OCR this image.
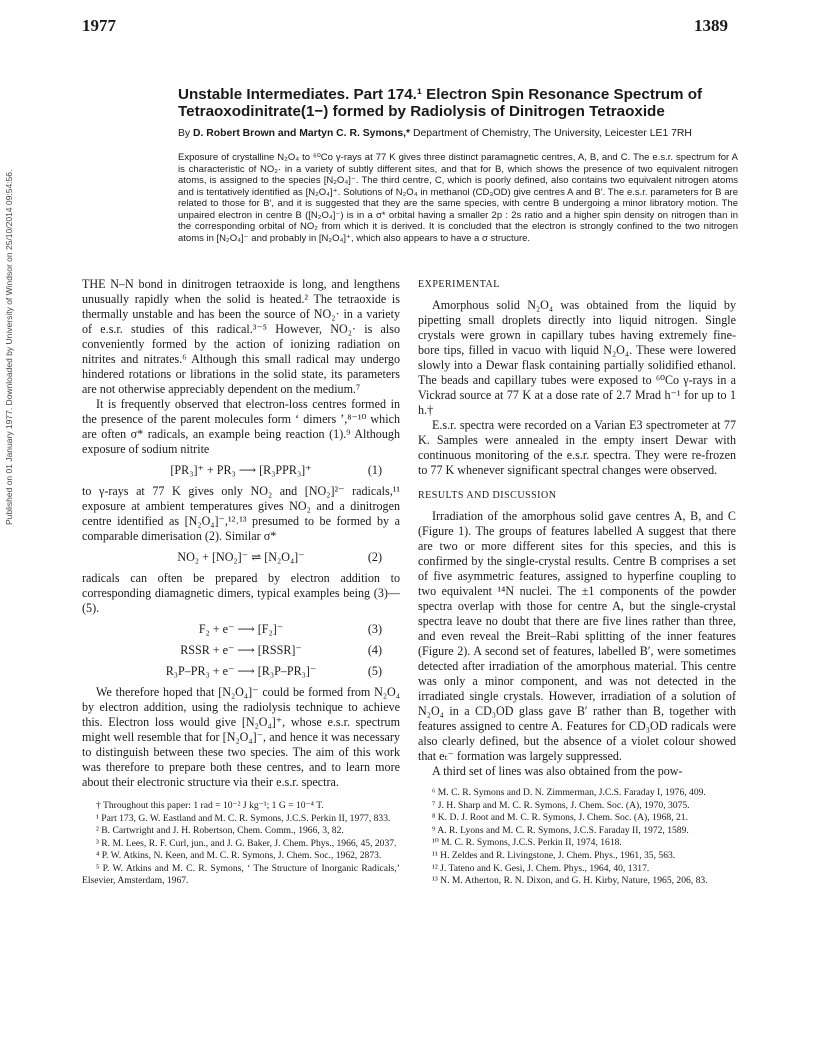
1977	1389
Published on 01 January 1977. Downloaded by University of Windsor on 25/10/2014 09:54:56.
Unstable Intermediates. Part 174.¹ Electron Spin Resonance Spectrum of Tetraoxodinitrate(1−) formed by Radiolysis of Dinitrogen Tetraoxide
By D. Robert Brown and Martyn C. R. Symons,* Department of Chemistry, The University, Leicester LE1 7RH

Exposure of crystalline N₂O₄ to ⁶⁰Co γ-rays at 77 K gives three distinct paramagnetic centres, A, B, and C. The e.s.r. spectrum for A is characteristic of NO₂· in a variety of subtly different sites, and that for B, which shows the presence of two equivalent nitrogen atoms, is assigned to the species [N₂O₄]⁻. The third centre, C, which is poorly defined, also contains two equivalent nitrogen atoms and is tentatively identified as [N₂O₄]⁺. Solutions of N₂O₄ in methanol (CD₃OD) give centres A and B′. The e.s.r. parameters for B are related to those for B′, and it is suggested that they are the same species, with centre B undergoing a minor libratory motion. The unpaired electron in centre B ([N₂O₄]⁻) is in a σ* orbital having a smaller 2p : 2s ratio and a higher spin density on nitrogen than in the corresponding orbital of NO₂ from which it is derived. It is concluded that the electron is strongly confined to the two nitrogen atoms in [N₂O₄]⁻ and probably in [N₂O₄]⁺, which also appears to have a σ structure.

THE N–N bond in dinitrogen tetraoxide is long, and lengthens unusually rapidly when the solid is heated.² The tetraoxide is thermally unstable and has been the source of NO₂· in a variety of e.s.r. studies of this radical.³⁻⁵ However, NO₂· is also conveniently formed by the action of ionizing radiation on nitrites and nitrates.⁶ Although this small radical may undergo hindered rotations or librations in the solid state, its parameters are not otherwise appreciably dependent on the medium.⁷

It is frequently observed that electron-loss centres formed in the presence of the parent molecules form ‘ dimers ’,⁸⁻¹⁰ which are often σ* radicals, an example being reaction (1).⁹ Although exposure of sodium nitrite

[PR₃]⁺ + PR₃ ⟶ [R₃PPR₃]⁺	(1)

to γ-rays at 77 K gives only NO₂ and [NO₂]²⁻ radicals,¹¹ exposure at ambient temperatures gives NO₂ and a dinitrogen centre identified as [N₂O₄]⁻,¹²˒¹³ presumed to be formed by a comparable dimerisation (2). Similar σ*

NO₂ + [NO₂]⁻ ⇌ [N₂O₄]⁻	(2)

radicals can often be prepared by electron addition to corresponding diamagnetic dimers, typical examples being (3)—(5).

F₂ + e⁻ ⟶ [F₂]⁻	(3)
RSSR + e⁻ ⟶ [RSSR]⁻	(4)
R₃P–PR₃ + e⁻ ⟶ [R₃P–PR₃]⁻	(5)

We therefore hoped that [N₂O₄]⁻ could be formed from N₂O₄ by electron addition, using the radiolysis technique to achieve this. Electron loss would give [N₂O₄]⁺, whose e.s.r. spectrum might well resemble that for [N₂O₄]⁻, and hence it was necessary to distinguish between these two species. The aim of this work was therefore to prepare both these centres, and to learn more about their electronic structure via their e.s.r. spectra.

† Throughout this paper: 1 rad = 10⁻² J kg⁻¹; 1 G = 10⁻⁴ T.

¹ Part 173, G. W. Eastland and M. C. R. Symons, J.C.S. Perkin II, 1977, 833.

² B. Cartwright and J. H. Robertson, Chem. Comm., 1966, 3, 82.

³ R. M. Lees, R. F. Curl, jun., and J. G. Baker, J. Chem. Phys., 1966, 45, 2037.

⁴ P. W. Atkins, N. Keen, and M. C. R. Symons, J. Chem. Soc., 1962, 2873.

⁵ P. W. Atkins and M. C. R. Symons, ‘ The Structure of Inorganic Radicals,’ Elsevier, Amsterdam, 1967.

EXPERIMENTAL

Amorphous solid N₂O₄ was obtained from the liquid by pipetting small droplets directly into liquid nitrogen. Single crystals were grown in capillary tubes having extremely fine-bore tips, filled in vacuo with liquid N₂O₄. These were lowered slowly into a Dewar flask containing partially solidified ethanol. The beads and capillary tubes were exposed to ⁶⁰Co γ-rays in a Vickrad source at 77 K at a dose rate of 2.7 Mrad h⁻¹ for up to 1 h.†

E.s.r. spectra were recorded on a Varian E3 spectrometer at 77 K. Samples were annealed in the empty insert Dewar with continuous monitoring of the e.s.r. spectra. They were re-frozen to 77 K whenever significant spectral changes were observed.

RESULTS AND DISCUSSION

Irradiation of the amorphous solid gave centres A, B, and C (Figure 1). The groups of features labelled A suggest that there are two or more different sites for this species, and this is confirmed by the single-crystal results. Centre B comprises a set of five asymmetric features, assigned to hyperfine coupling to two equivalent ¹⁴N nuclei. The ±1 components of the powder spectra overlap with those for centre A, but the single-crystal spectra leave no doubt that there are five lines rather than three, and even reveal the Breit–Rabi splitting of the inner features (Figure 2). A second set of features, labelled B′, were sometimes detected after irradiation of the amorphous material. This centre was only a minor component, and was not detected in the irradiated single crystals. However, irradiation of a solution of N₂O₄ in a CD₃OD glass gave B′ rather than B, together with features assigned to centre A. Features for CD₃OD radicals were also clearly defined, but the absence of a violet colour showed that eₜ⁻ formation was largely suppressed.

A third set of lines was also obtained from the pow-

⁶ M. C. R. Symons and D. N. Zimmerman, J.C.S. Faraday I, 1976, 409.

⁷ J. H. Sharp and M. C. R. Symons, J. Chem. Soc. (A), 1970, 3075.

⁸ K. D. J. Root and M. C. R. Symons, J. Chem. Soc. (A), 1968, 21.

⁹ A. R. Lyons and M. C. R. Symons, J.C.S. Faraday II, 1972, 1589.

¹⁰ M. C. R. Symons, J.C.S. Perkin II, 1974, 1618.

¹¹ H. Zeldes and R. Livingstone, J. Chem. Phys., 1961, 35, 563.

¹² J. Tateno and K. Gesi, J. Chem. Phys., 1964, 40, 1317.

¹³ N. M. Atherton, R. N. Dixon, and G. H. Kirby, Nature, 1965, 206, 83.
